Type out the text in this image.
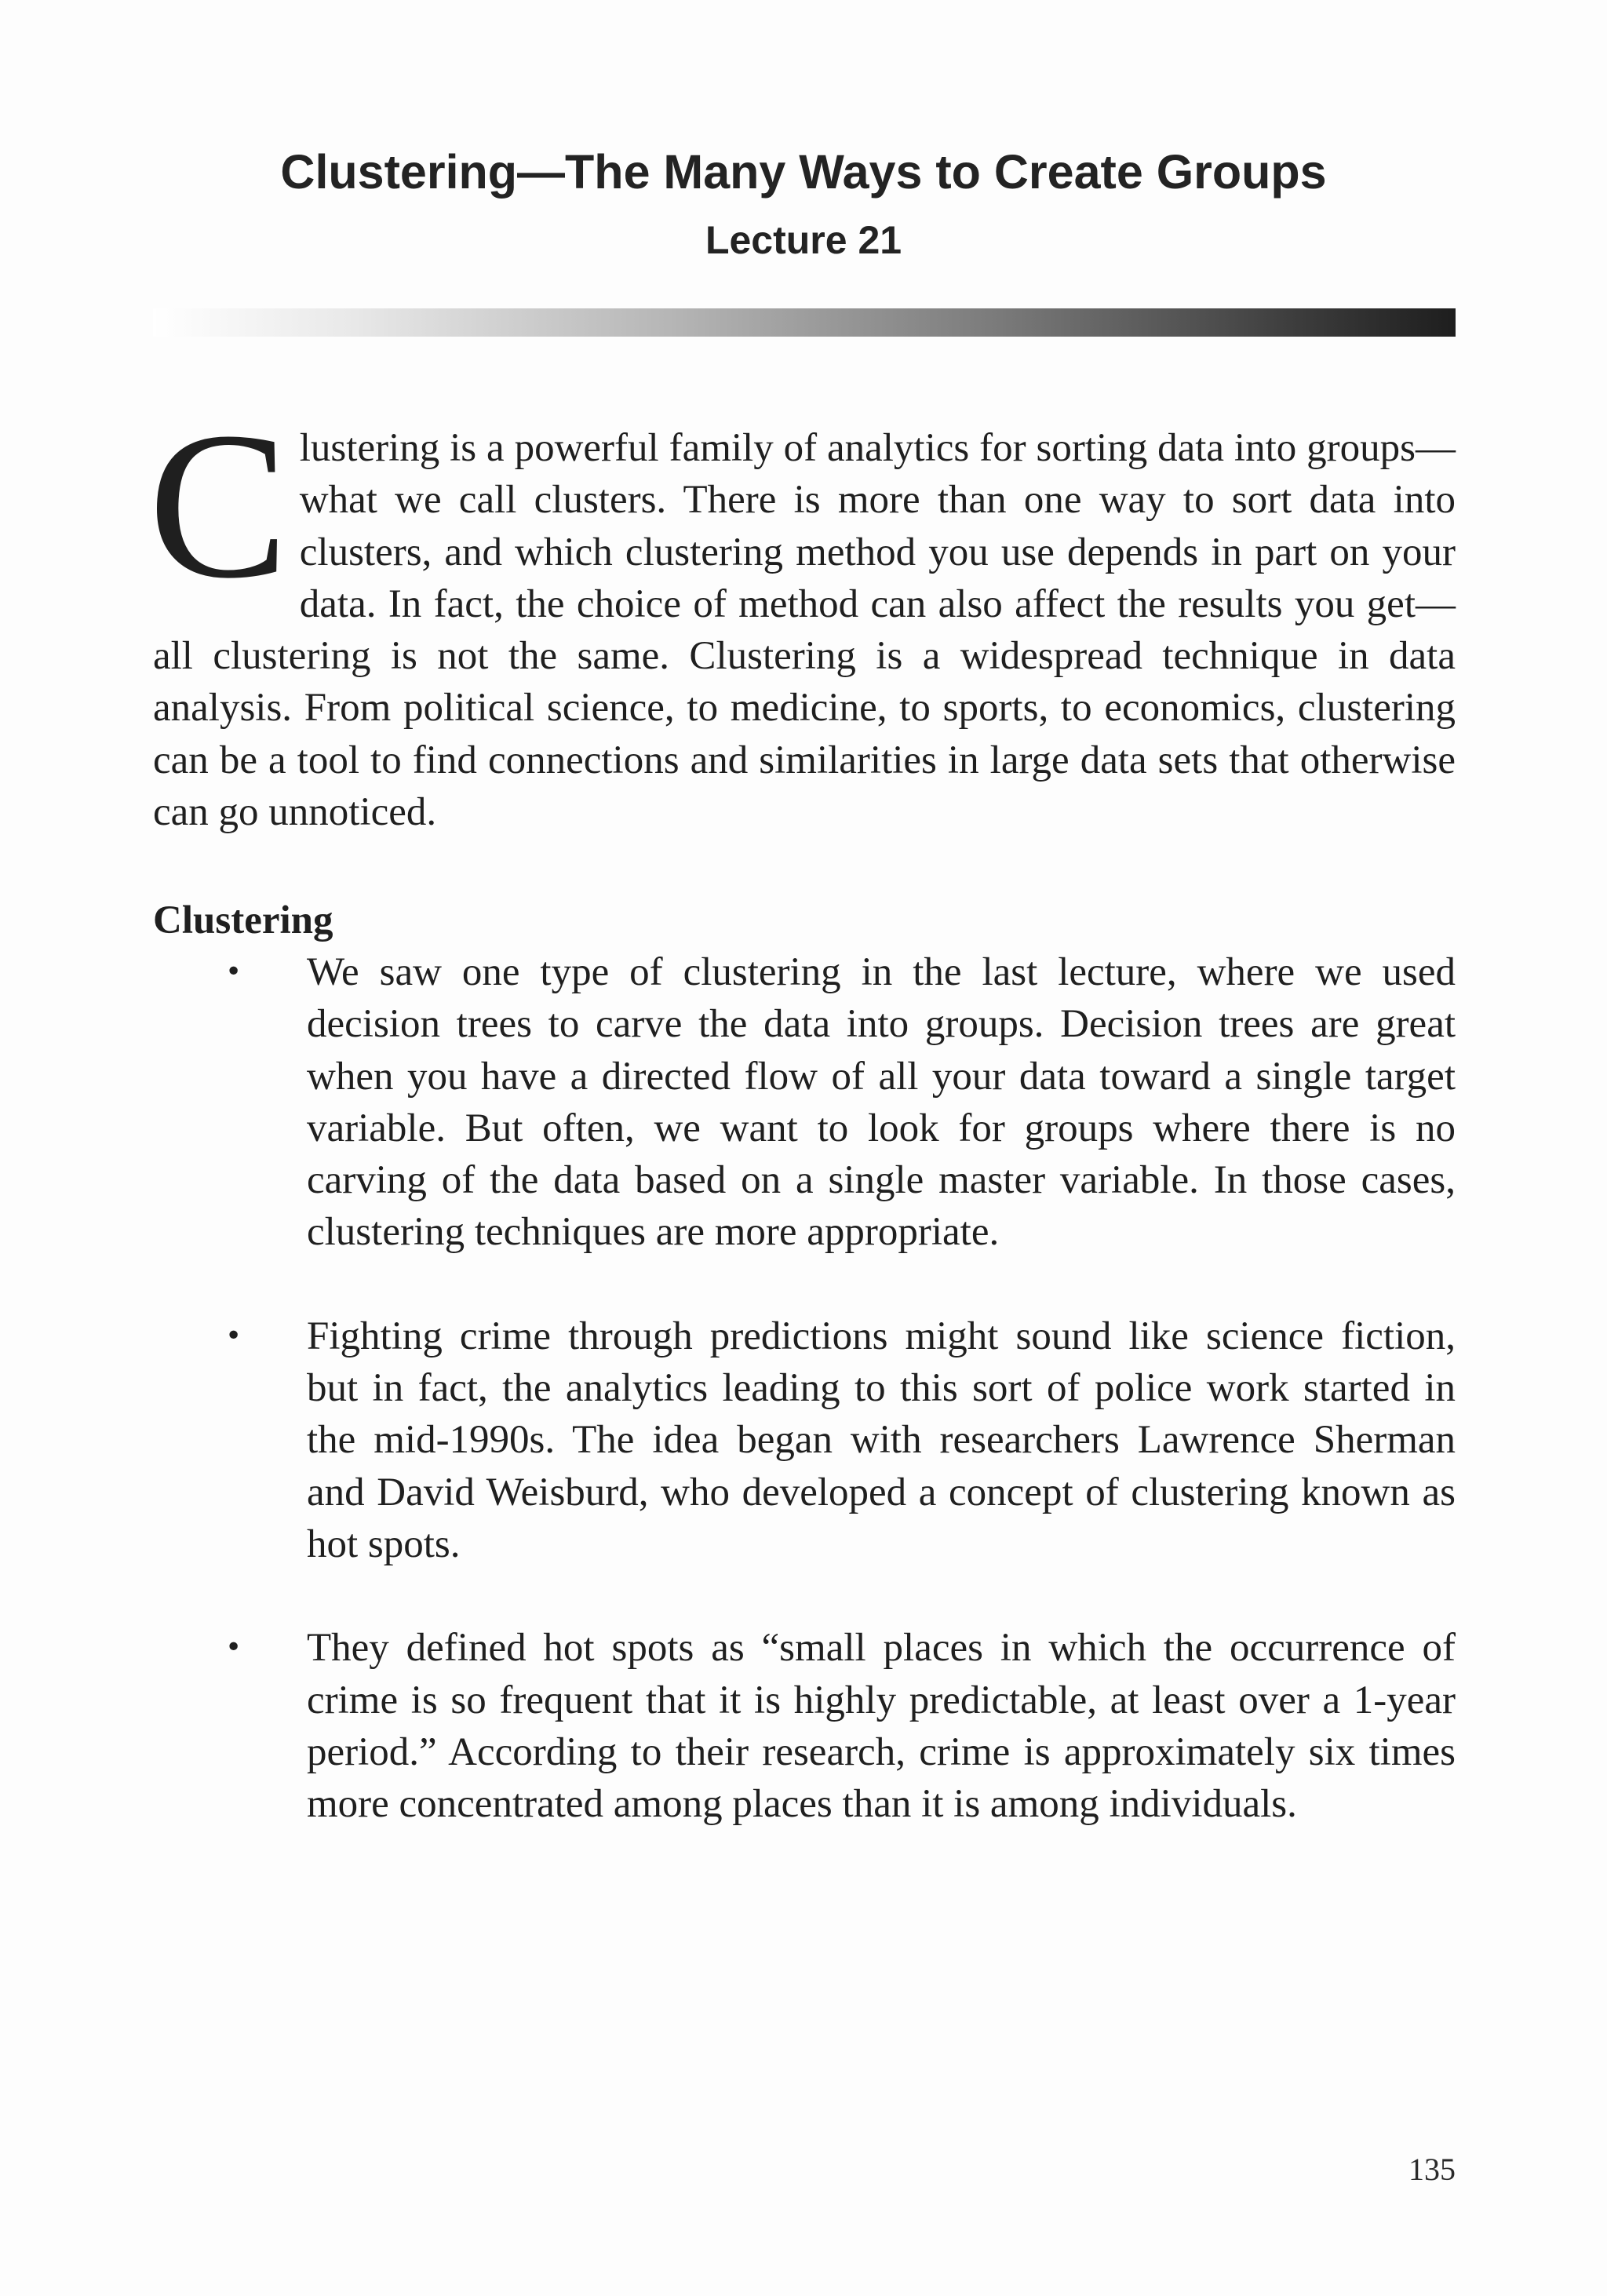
Clustering—The Many Ways to Create Groups
Lecture 21

Clustering is a powerful family of analytics for sorting data into groups—what we call clusters. There is more than one way to sort data into clusters, and which clustering method you use depends in part on your data. In fact, the choice of method can also affect the results you get—all clustering is not the same. Clustering is a widespread technique in data analysis. From political science, to medicine, to sports, to economics, clustering can be a tool to find connections and similarities in large data sets that otherwise can go unnoticed.

Clustering
• We saw one type of clustering in the last lecture, where we used decision trees to carve the data into groups. Decision trees are great when you have a directed flow of all your data toward a single target variable. But often, we want to look for groups where there is no carving of the data based on a single master variable. In those cases, clustering techniques are more appropriate.
• Fighting crime through predictions might sound like science fiction, but in fact, the analytics leading to this sort of police work started in the mid-1990s. The idea began with researchers Lawrence Sherman and David Weisburd, who developed a concept of clustering known as hot spots.
• They defined hot spots as “small places in which the occurrence of crime is so frequent that it is highly predictable, at least over a 1-year period.” According to their research, crime is approximately six times more concentrated among places than it is among individuals.

135
